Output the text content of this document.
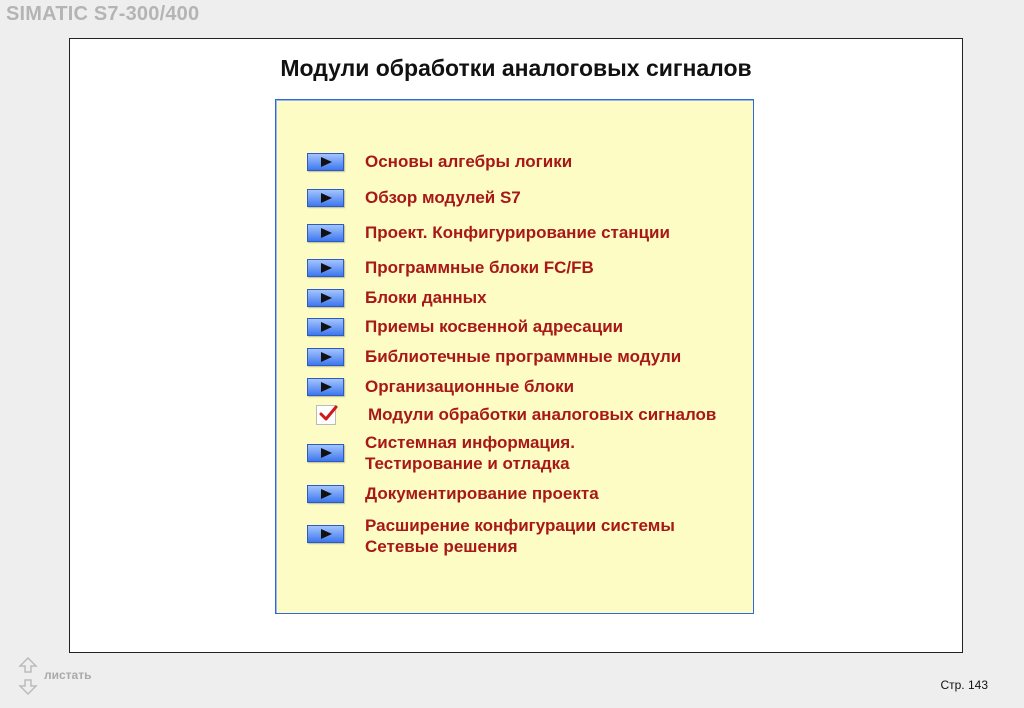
SIMATIC S7-300/400
Модули обработки аналоговых сигналов
Основы алгебры логики
Обзор модулей S7
Проект. Конфигурирование станции
Программные блоки FC/FB
Блоки данных
Приемы косвенной адресации
Библиотечные программные модули
Организационные блоки
Модули обработки аналоговых сигналов
Системная информация.
Тестирование и отладка
Документирование проекта
Расширение конфигурации системы
Сетевые решения
листать
Стр. 143
